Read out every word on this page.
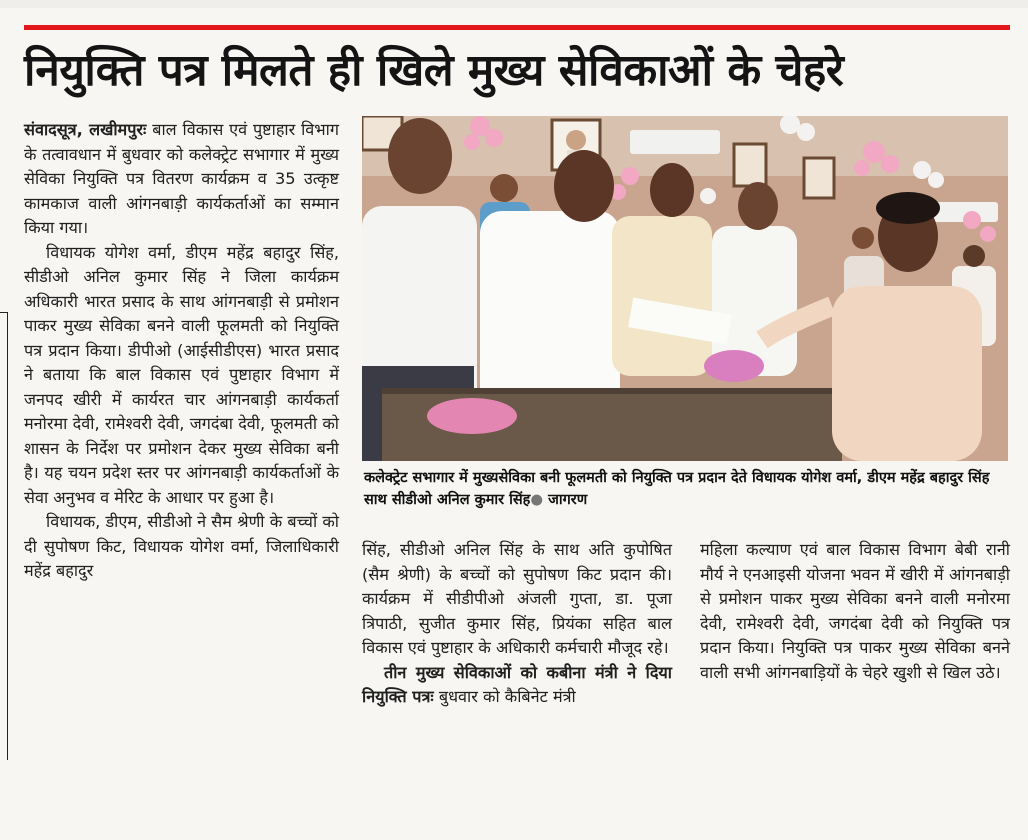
नियुक्ति पत्र मिलते ही खिले मुख्य सेविकाओं के चेहरे

संवादसूत्र, लखीमपुरः बाल विकास एवं पुष्टाहार विभाग के तत्वावधान में बुधवार को कलेक्ट्रेट सभागार में मुख्य सेविका नियुक्ति पत्र वितरण कार्यक्रम व 35 उत्कृष्ट कामकाज वाली आंगनबाड़ी कार्यकर्ताओं का सम्मान किया गया।

विधायक योगेश वर्मा, डीएम महेंद्र बहादुर सिंह, सीडीओ अनिल कुमार सिंह ने जिला कार्यक्रम अधिकारी भारत प्रसाद के साथ आंगनबाड़ी से प्रमोशन पाकर मुख्य सेविका बनने वाली फूलमती को नियुक्ति पत्र प्रदान किया। डीपीओ (आईसीडीएस) भारत प्रसाद ने बताया कि बाल विकास एवं पुष्टाहार विभाग में जनपद खीरी में कार्यरत चार आंगनबाड़ी कार्यकर्ता मनोरमा देवी, रामेश्वरी देवी, जगदंबा देवी, फूलमती को शासन के निर्देश पर प्रमोशन देकर मुख्य सेविका बनी है। यह चयन प्रदेश स्तर पर आंगनबाड़ी कार्यकर्ताओं के सेवा अनुभव व मेरिट के आधार पर हुआ है।

विधायक, डीएम, सीडीओ ने सैम श्रेणी के बच्चों को दी सुपोषण किट, विधायक योगेश वर्मा, जिलाधिकारी महेंद्र बहादुर

कलेक्ट्रेट सभागार में मुख्यसेविका बनी फूलमती को नियुक्ति पत्र प्रदान देते विधायक योगेश वर्मा, डीएम महेंद्र बहादुर सिंह साथ सीडीओ अनिल कुमार सिंह● जागरण

सिंह, सीडीओ अनिल सिंह के साथ अति कुपोषित (सैम श्रेणी) के बच्चों को सुपोषण किट प्रदान की। कार्यक्रम में सीडीपीओ अंजली गुप्ता, डा. पूजा त्रिपाठी, सुजीत कुमार सिंह, प्रियंका सहित बाल विकास एवं पुष्टाहार के अधिकारी कर्मचारी मौजूद रहे।

तीन मुख्य सेविकाओं को कबीना मंत्री ने दिया नियुक्ति पत्रः बुधवार को कैबिनेट मंत्री

महिला कल्याण एवं बाल विकास विभाग बेबी रानी मौर्य ने एनआइसी योजना भवन में खीरी में आंगनबाड़ी से प्रमोशन पाकर मुख्य सेविका बनने वाली मनोरमा देवी, रामेश्वरी देवी, जगदंबा देवी को नियुक्ति पत्र प्रदान किया। नियुक्ति पत्र पाकर मुख्य सेविका बनने वाली सभी आंगनबाड़ियों के चेहरे खुशी से खिल उठे।
